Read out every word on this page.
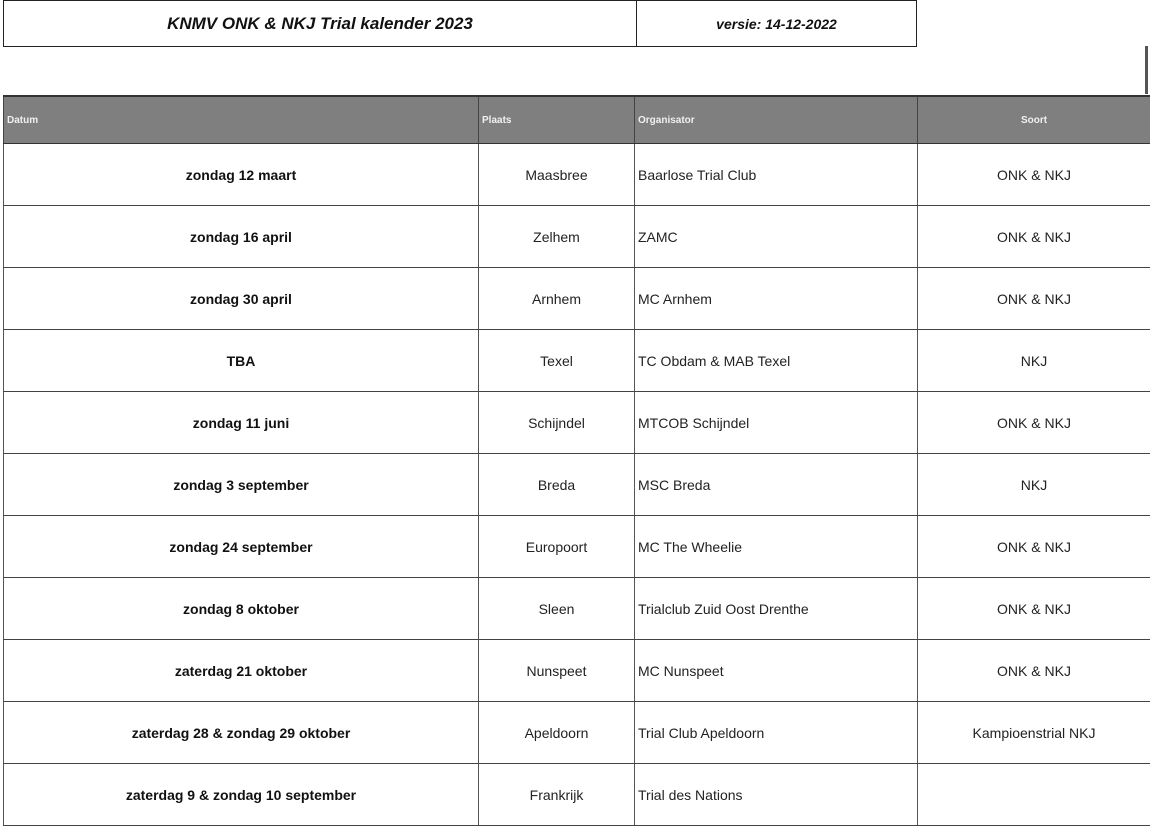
KNMV ONK & NKJ Trial kalender 2023	versie: 14-12-2022
Datum	Plaats	Organisator	Soort
zondag 12 maart	Maasbree	Baarlose Trial Club	ONK & NKJ
zondag 16 april	Zelhem	ZAMC	ONK & NKJ
zondag 30 april	Arnhem	MC Arnhem	ONK & NKJ
TBA	Texel	TC Obdam & MAB Texel	NKJ
zondag 11 juni	Schijndel	MTCOB Schijndel	ONK & NKJ
zondag 3 september	Breda	MSC Breda	NKJ
zondag 24 september	Europoort	MC The Wheelie	ONK & NKJ
zondag 8 oktober	Sleen	Trialclub Zuid Oost Drenthe	ONK & NKJ
zaterdag 21 oktober	Nunspeet	MC Nunspeet	ONK & NKJ
zaterdag 28 & zondag 29 oktober	Apeldoorn	Trial Club Apeldoorn	Kampioenstrial NKJ
zaterdag 9 & zondag 10 september	Frankrijk	Trial des Nations	
